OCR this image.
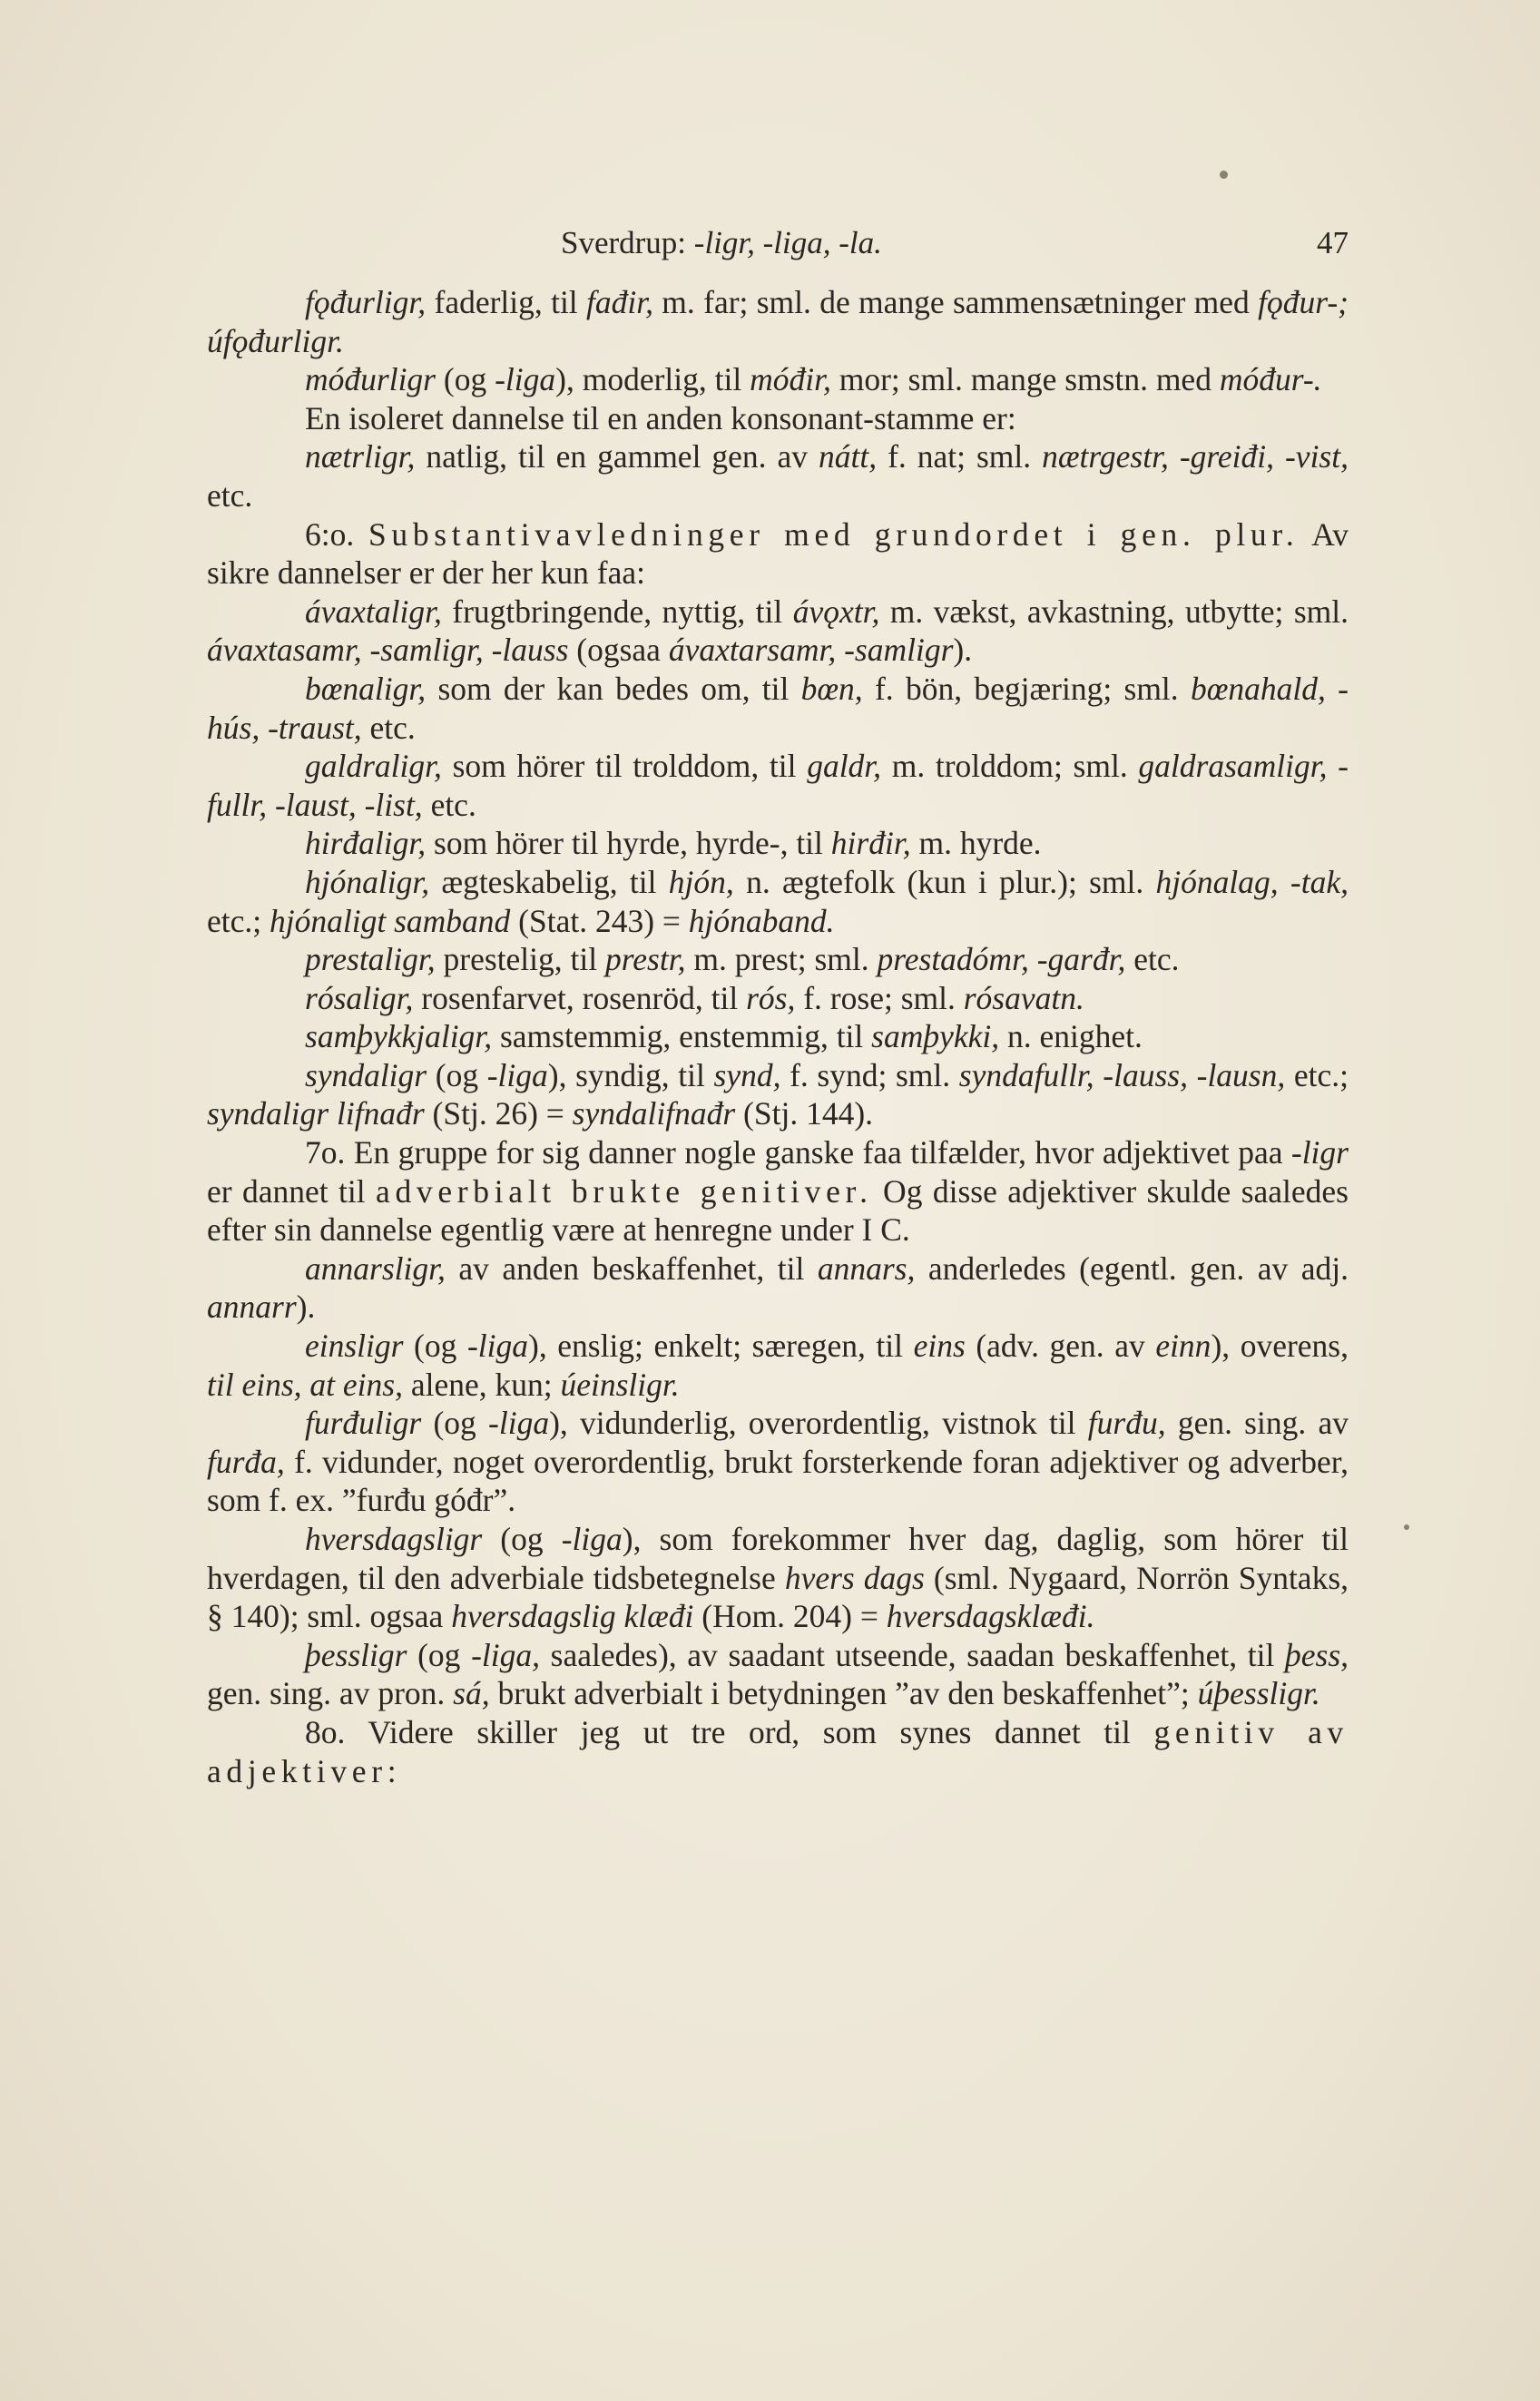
Sverdrup: -ligr, -liga, -la.	47

fǫđurligr, faderlig, til fađir, m. far; sml. de mange sammensætninger med fǫđur-; úfǫđurligr.

móđurligr (og -liga), moderlig, til móđir, mor; sml. mange smstn. med móđur-.

En isoleret dannelse til en anden konsonant-stamme er:

nætrligr, natlig, til en gammel gen. av nátt, f. nat; sml. nætrgestr, -greiđi, -vist, etc.

6:o. Substantivavledninger med grundordet i gen. plur. Av sikre dannelser er der her kun faa:

ávaxtaligr, frugtbringende, nyttig, til ávǫxtr, m. vækst, avkastning, utbytte; sml. ávaxtasamr, -samligr, -lauss (ogsaa ávaxtarsamr, -samligr).

bœnaligr, som der kan bedes om, til bœn, f. bön, begjæring; sml. bœnahald, -hús, -traust, etc.

galdraligr, som hörer til trolddom, til galdr, m. trolddom; sml. galdrasamligr, -fullr, -laust, -list, etc.

hirđaligr, som hörer til hyrde, hyrde-, til hirđir, m. hyrde.

hjónaligr, ægteskabelig, til hjón, n. ægtefolk (kun i plur.); sml. hjónalag, -tak, etc.; hjónaligt samband (Stat. 243) = hjónaband.

prestaligr, prestelig, til prestr, m. prest; sml. prestadómr, -garđr, etc.

rósaligr, rosenfarvet, rosenröd, til rós, f. rose; sml. rósavatn.

samþykkjaligr, samstemmig, enstemmig, til samþykki, n. enighet.

syndaligr (og -liga), syndig, til synd, f. synd; sml. syndafullr, -lauss, -lausn, etc.; syndaligr lifnađr (Stj. 26) = syndalifnađr (Stj. 144).

7o. En gruppe for sig danner nogle ganske faa tilfælder, hvor adjektivet paa -ligr er dannet til adverbialt brukte genitiver. Og disse adjektiver skulde saaledes efter sin dannelse egentlig være at henregne under I C.

annarsligr, av anden beskaffenhet, til annars, anderledes (egentl. gen. av adj. annarr).

einsligr (og -liga), enslig; enkelt; særegen, til eins (adv. gen. av einn), overens, til eins, at eins, alene, kun; úeinsligr.

furđuligr (og -liga), vidunderlig, overordentlig, vistnok til furđu, gen. sing. av furđa, f. vidunder, noget overordentlig, brukt forsterkende foran adjektiver og adverber, som f. ex. ”furđu góđr”.

hversdagsligr (og -liga), som forekommer hver dag, daglig, som hörer til hverdagen, til den adverbiale tidsbetegnelse hvers dags (sml. Nygaard, Norrön Syntaks, § 140); sml. ogsaa hversdagslig klæđi (Hom. 204) = hversdagsklæđi.

þessligr (og -liga, saaledes), av saadant utseende, saadan beskaffenhet, til þess, gen. sing. av pron. sá, brukt adverbialt i betydningen ”av den beskaffenhet”; úþessligr.

8o. Videre skiller jeg ut tre ord, som synes dannet til genitiv av adjektiver:
